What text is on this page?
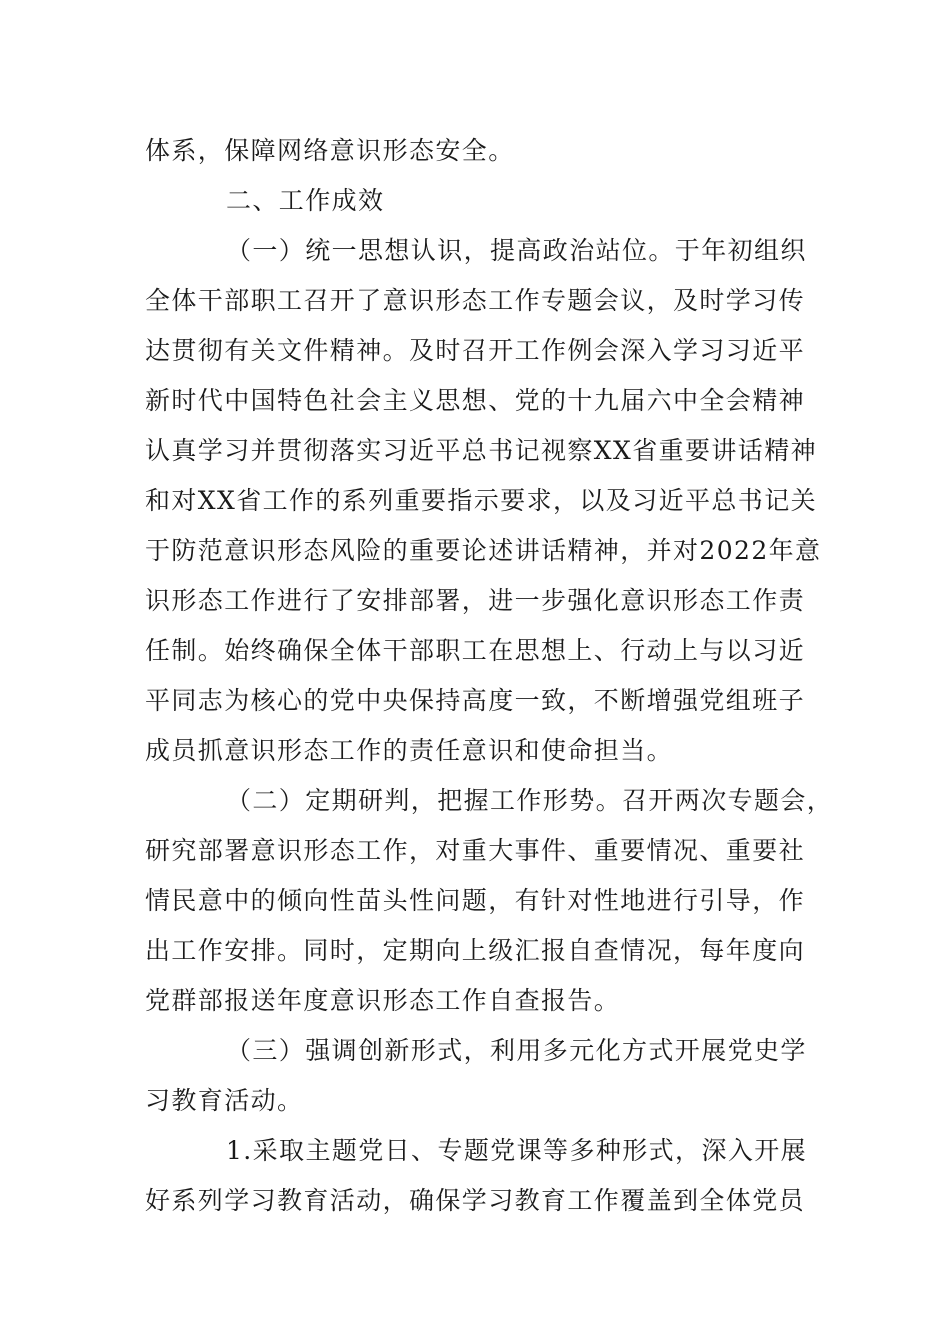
体系，保障网络意识形态安全。
二、工作成效
（一）统一思想认识，提高政治站位。于年初组织
全体干部职工召开了意识形态工作专题会议，及时学习传
达贯彻有关文件精神。及时召开工作例会深入学习习近平
新时代中国特色社会主义思想、党的十九届六中全会精神
认真学习并贯彻落实习近平总书记视察XX省重要讲话精神
和对XX省工作的系列重要指示要求，以及习近平总书记关
于防范意识形态风险的重要论述讲话精神，并对2022年意
识形态工作进行了安排部署，进一步强化意识形态工作责
任制。始终确保全体干部职工在思想上、行动上与以习近
平同志为核心的党中央保持高度一致，不断增强党组班子
成员抓意识形态工作的责任意识和使命担当。
（二）定期研判，把握工作形势。召开两次专题会，
研究部署意识形态工作，对重大事件、重要情况、重要社
情民意中的倾向性苗头性问题，有针对性地进行引导，作
出工作安排。同时，定期向上级汇报自查情况，每年度向
党群部报送年度意识形态工作自查报告。
（三）强调创新形式，利用多元化方式开展党史学
习教育活动。
1.采取主题党日、专题党课等多种形式，深入开展
好系列学习教育活动，确保学习教育工作覆盖到全体党员
